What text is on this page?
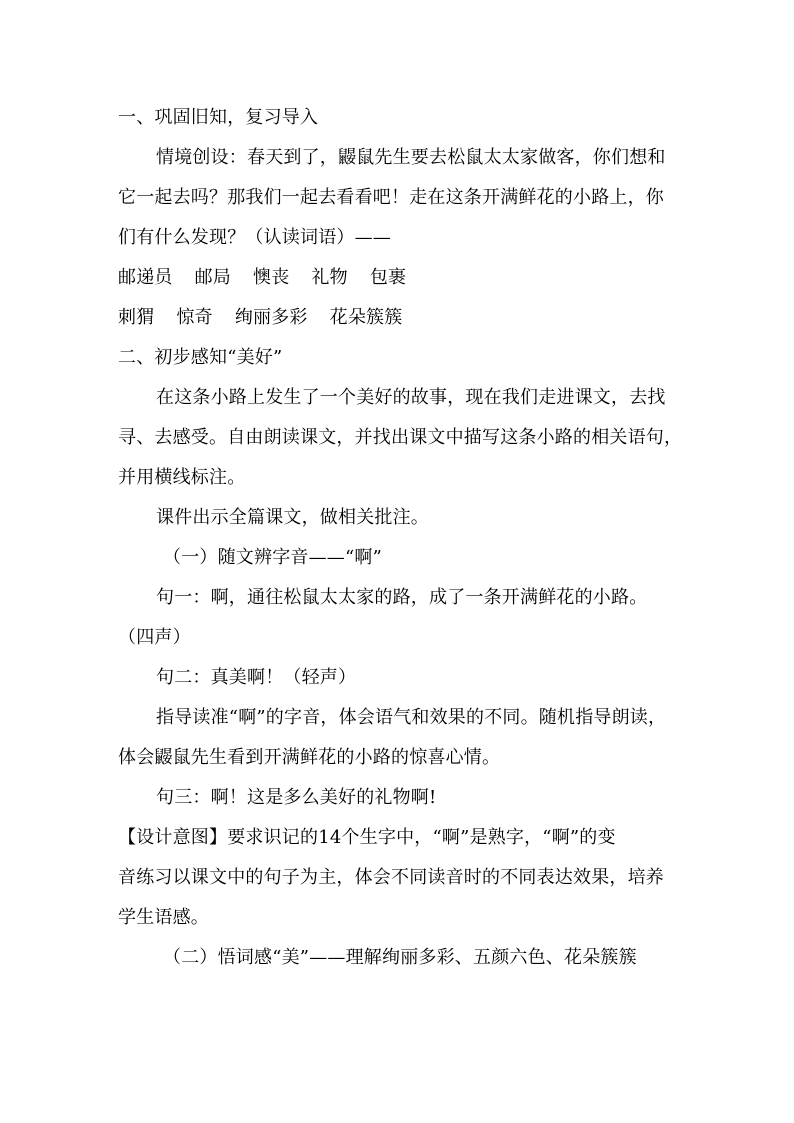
一、巩固旧知，复习导入
情境创设：春天到了，鼹鼠先生要去松鼠太太家做客，你们想和
它一起去吗？那我们一起去看看吧！走在这条开满鲜花的小路上，你
们有什么发现？（认读词语）——
邮递员 邮局 懊丧 礼物 包裹
刺猬 惊奇 绚丽多彩 花朵簇簇
二、初步感知“美好”
在这条小路上发生了一个美好的故事，现在我们走进课文，去找
寻、去感受。自由朗读课文，并找出课文中描写这条小路的相关语句，
并用横线标注。
课件出示全篇课文，做相关批注。
（一）随文辨字音——“啊”
句一：啊，通往松鼠太太家的路，成了一条开满鲜花的小路。
（四声）
句二：真美啊！（轻声）
指导读准“啊”的字音，体会语气和效果的不同。随机指导朗读，
体会鼹鼠先生看到开满鲜花的小路的惊喜心情。
句三：啊！这是多么美好的礼物啊!
【设计意图】要求识记的14个生字中，“啊”是熟字，“啊”的变
音练习以课文中的句子为主，体会不同读音时的不同表达效果，培养
学生语感。
（二）悟词感“美”——理解绚丽多彩、五颜六色、花朵簇簇
